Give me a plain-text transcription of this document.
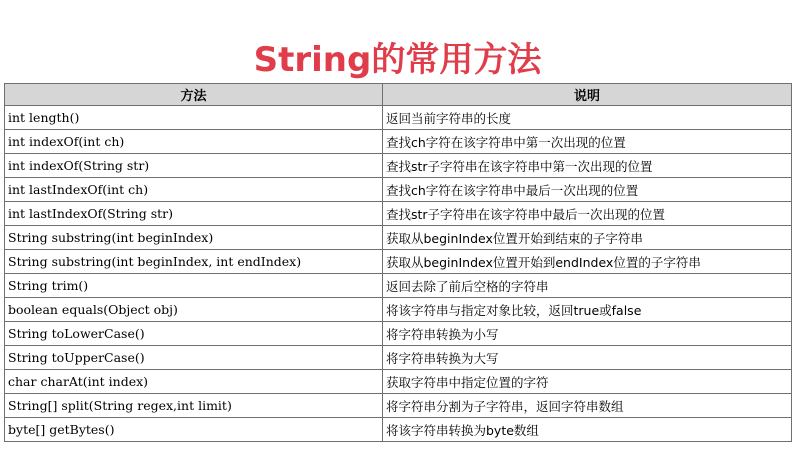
String的常用方法
方法	说明
int length()	返回当前字符串的长度
int indexOf(int ch)	查找ch字符在该字符串中第一次出现的位置
int indexOf(String str)	查找str子字符串在该字符串中第一次出现的位置
int lastIndexOf(int ch)	查找ch字符在该字符串中最后一次出现的位置
int lastIndexOf(String str)	查找str子字符串在该字符串中最后一次出现的位置
String substring(int beginIndex)	获取从beginIndex位置开始到结束的子字符串
String substring(int beginIndex, int endIndex)	获取从beginIndex位置开始到endIndex位置的子字符串
String trim()	返回去除了前后空格的字符串
boolean equals(Object obj)	将该字符串与指定对象比较，返回true或false
String toLowerCase()	将字符串转换为小写
String toUpperCase()	将字符串转换为大写
char charAt(int index)	获取字符串中指定位置的字符
String[] split(String regex,int limit)	将字符串分割为子字符串，返回字符串数组
byte[] getBytes()	将该字符串转换为byte数组
